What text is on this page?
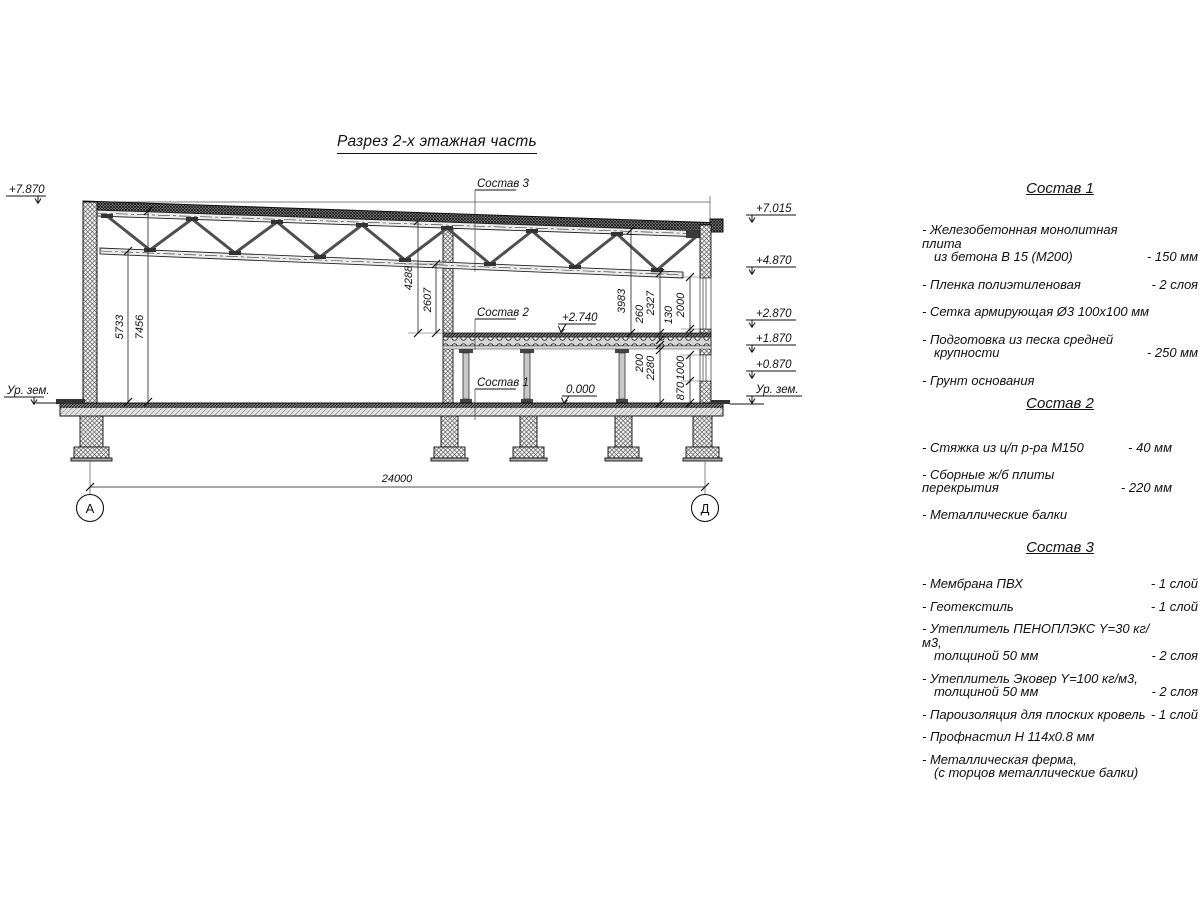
Разрез 2-х этажная часть
24000
А	Д
5733 7456
4288
2607	3983 2327
260	2000
130
200 2280 1000
870
Состав 3
Состав 2
Состав 1
+2.740
0.000
+7.870
Ур. зем.
+7.015
+4.870
+2.870
+1.870
+0.870
Ур. зем.
Состав 1
- Железобетонная монолитная плита
из бетона В 15 (М200)	- 150 мм
- Пленка полиэтиленовая	- 2 слоя
- Сетка армирующая Ø3 100х100 мм
- Подготовка из песка средней
крупности	- 250 мм
- Грунт основания
Состав 2
- Стяжка из ц/п р-ра М150	- 40 мм
- Сборные ж/б плиты перекрытия	- 220 мм
- Металлические балки
Состав 3
- Мембрана ПВХ	- 1 слой
- Геотекстиль	- 1 слой
- Утеплитель ПЕНОПЛЭКС Y=30 кг/м3,
толщиной 50 мм	- 2 слоя
- Утеплитель Эковер Y=100 кг/м3,
толщиной 50 мм	- 2 слоя
- Пароизоляция для плоских кровель - 1 слой
- Профнастил Н 114х0.8 мм
- Металлическая ферма,
(с торцов металлические балки)
